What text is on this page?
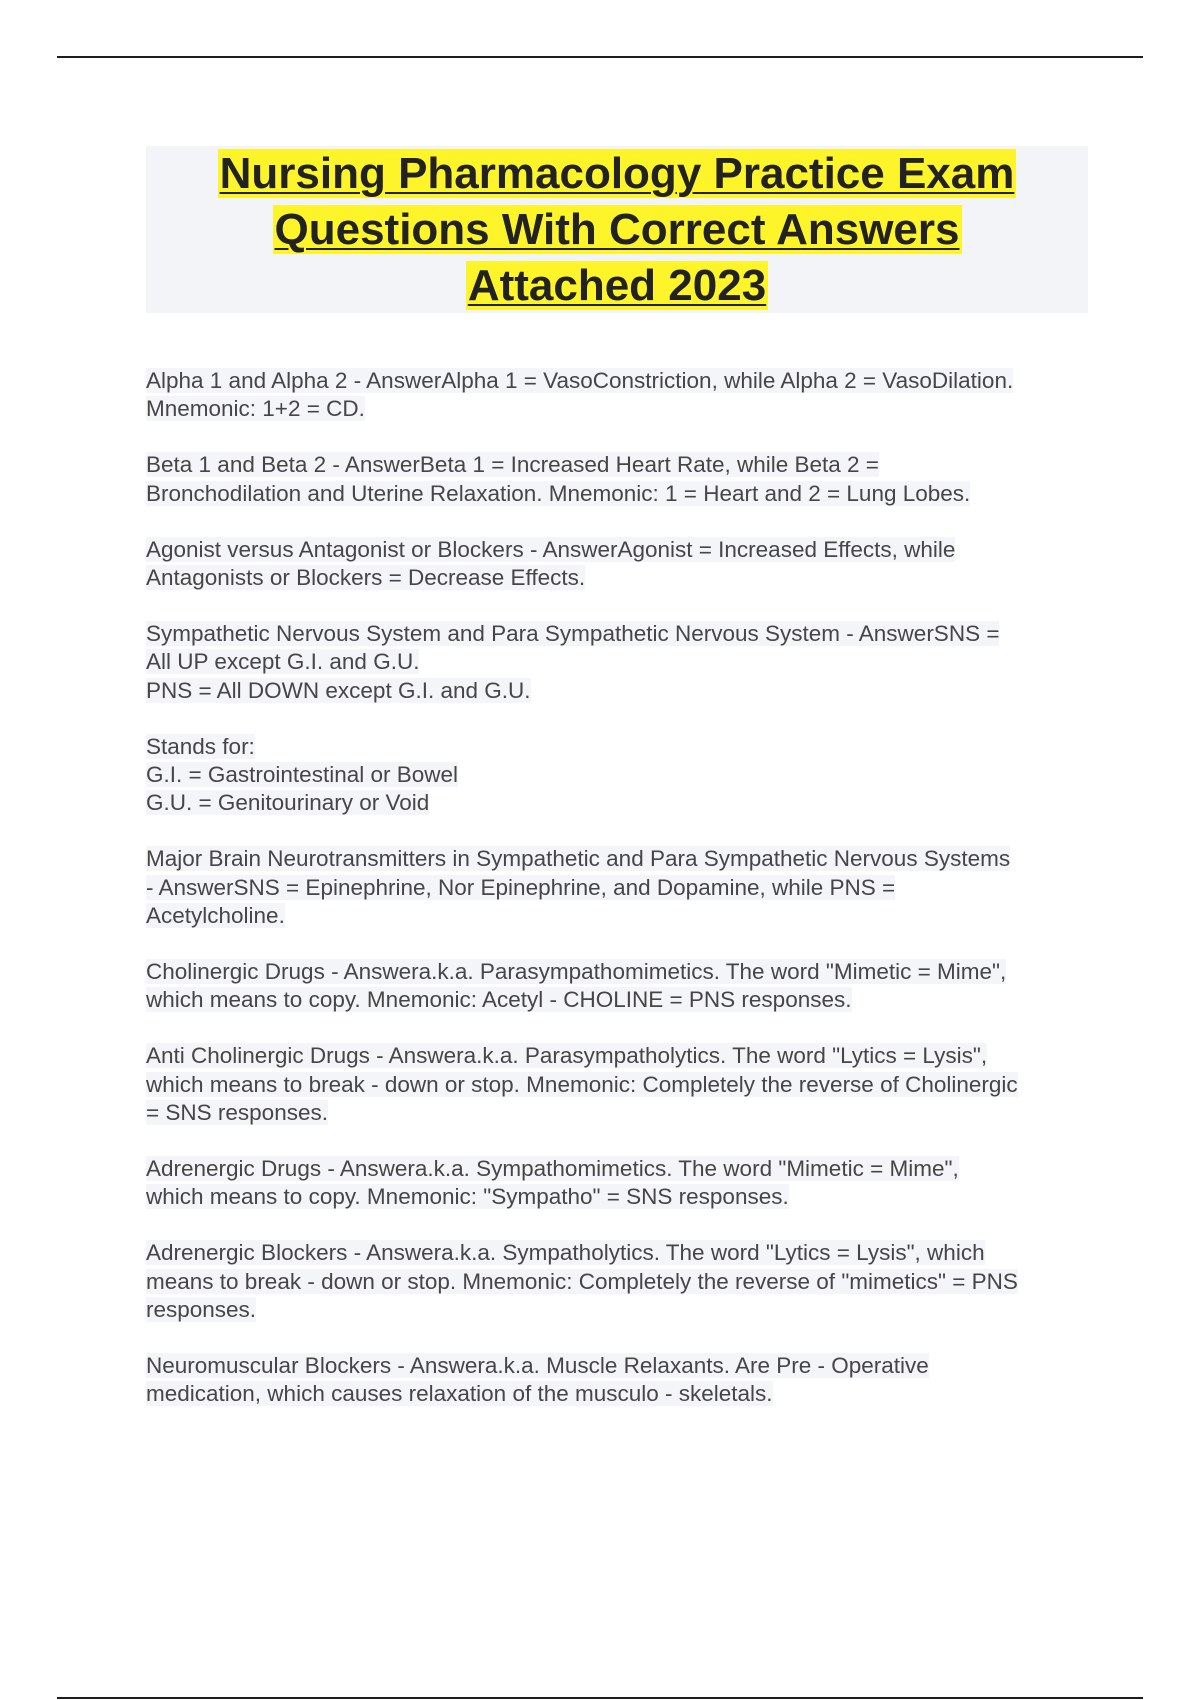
Nursing Pharmacology Practice Exam
Questions With Correct Answers
Attached 2023

Alpha 1 and Alpha 2 - AnswerAlpha 1 = VasoConstriction, while Alpha 2 = VasoDilation.
Mnemonic: 1+2 = CD.

Beta 1 and Beta 2 - AnswerBeta 1 = Increased Heart Rate, while Beta 2 =
Bronchodilation and Uterine Relaxation. Mnemonic: 1 = Heart and 2 = Lung Lobes.

Agonist versus Antagonist or Blockers - AnswerAgonist = Increased Effects, while
Antagonists or Blockers = Decrease Effects.

Sympathetic Nervous System and Para Sympathetic Nervous System - AnswerSNS =
All UP except G.I. and G.U.
PNS = All DOWN except G.I. and G.U.

Stands for:
G.I. = Gastrointestinal or Bowel
G.U. = Genitourinary or Void

Major Brain Neurotransmitters in Sympathetic and Para Sympathetic Nervous Systems
- AnswerSNS = Epinephrine, Nor Epinephrine, and Dopamine, while PNS =
Acetylcholine.

Cholinergic Drugs - Answera.k.a. Parasympathomimetics. The word "Mimetic = Mime",
which means to copy. Mnemonic: Acetyl - CHOLINE = PNS responses.

Anti Cholinergic Drugs - Answera.k.a. Parasympatholytics. The word "Lytics = Lysis",
which means to break - down or stop. Mnemonic: Completely the reverse of Cholinergic
= SNS responses.

Adrenergic Drugs - Answera.k.a. Sympathomimetics. The word "Mimetic = Mime",
which means to copy. Mnemonic: "Sympatho" = SNS responses.

Adrenergic Blockers - Answera.k.a. Sympatholytics. The word "Lytics = Lysis", which
means to break - down or stop. Mnemonic: Completely the reverse of "mimetics" = PNS
responses.

Neuromuscular Blockers - Answera.k.a. Muscle Relaxants. Are Pre - Operative
medication, which causes relaxation of the musculo - skeletals.
